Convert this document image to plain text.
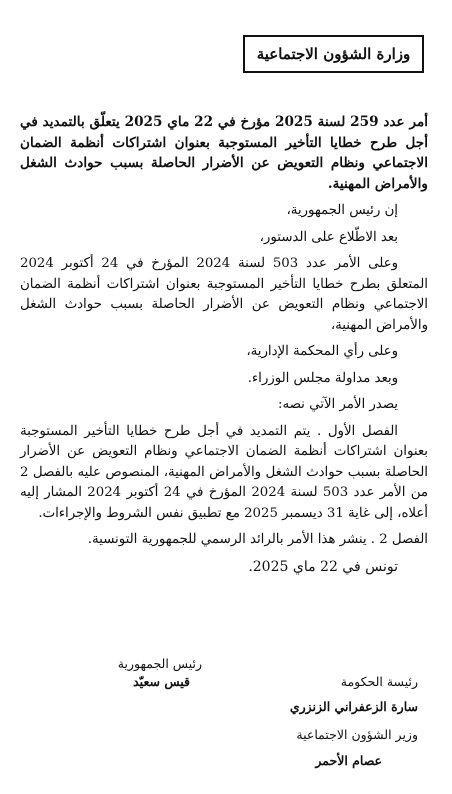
وزارة الشؤون الاجتماعية

أمر عدد 259 لسنة 2025 مؤرخ في 22 ماي 2025 يتعلّق بالتمديد في أجل طرح خطايا التأخير المستوجبة بعنوان اشتراكات أنظمة الضمان الاجتماعي ونظام التعويض عن الأضرار الحاصلة بسبب حوادث الشغل والأمراض المهنية.

إن رئيس الجمهورية،

بعد الاطّلاع على الدستور،

وعلى الأمر عدد 503 لسنة 2024 المؤرخ في 24 أكتوبر 2024 المتعلق بطرح خطايا التأخير المستوجبة بعنوان اشتراكات أنظمة الضمان الاجتماعي ونظام التعويض عن الأضرار الحاصلة بسبب حوادث الشغل والأمراض المهنية،

وعلى رأي المحكمة الإدارية،

وبعد مداولة مجلس الوزراء.

يصدر الأمر الآتي نصه:

الفصل الأول . يتم التمديد في أجل طرح خطايا التأخير المستوجبة بعنوان اشتراكات أنظمة الضمان الاجتماعي ونظام التعويض عن الأضرار الحاصلة بسبب حوادث الشغل والأمراض المهنية، المنصوص عليه بالفصل 2 من الأمر عدد 503 لسنة 2024 المؤرخ في 24 أكتوبر 2024 المشار إليه أعلاه، إلى غاية 31 ديسمبر 2025 مع تطبيق نفس الشروط والإجراءات.

الفصل 2 . ينشر هذا الأمر بالرائد الرسمي للجمهورية التونسية.

تونس في 22 ماي 2025.

رئيس الجمهورية
قيس سعيّد	رئيسة الحكومة
سارة الزعفراني الزنزري
وزير الشؤون الاجتماعية
عصام الأحمر
